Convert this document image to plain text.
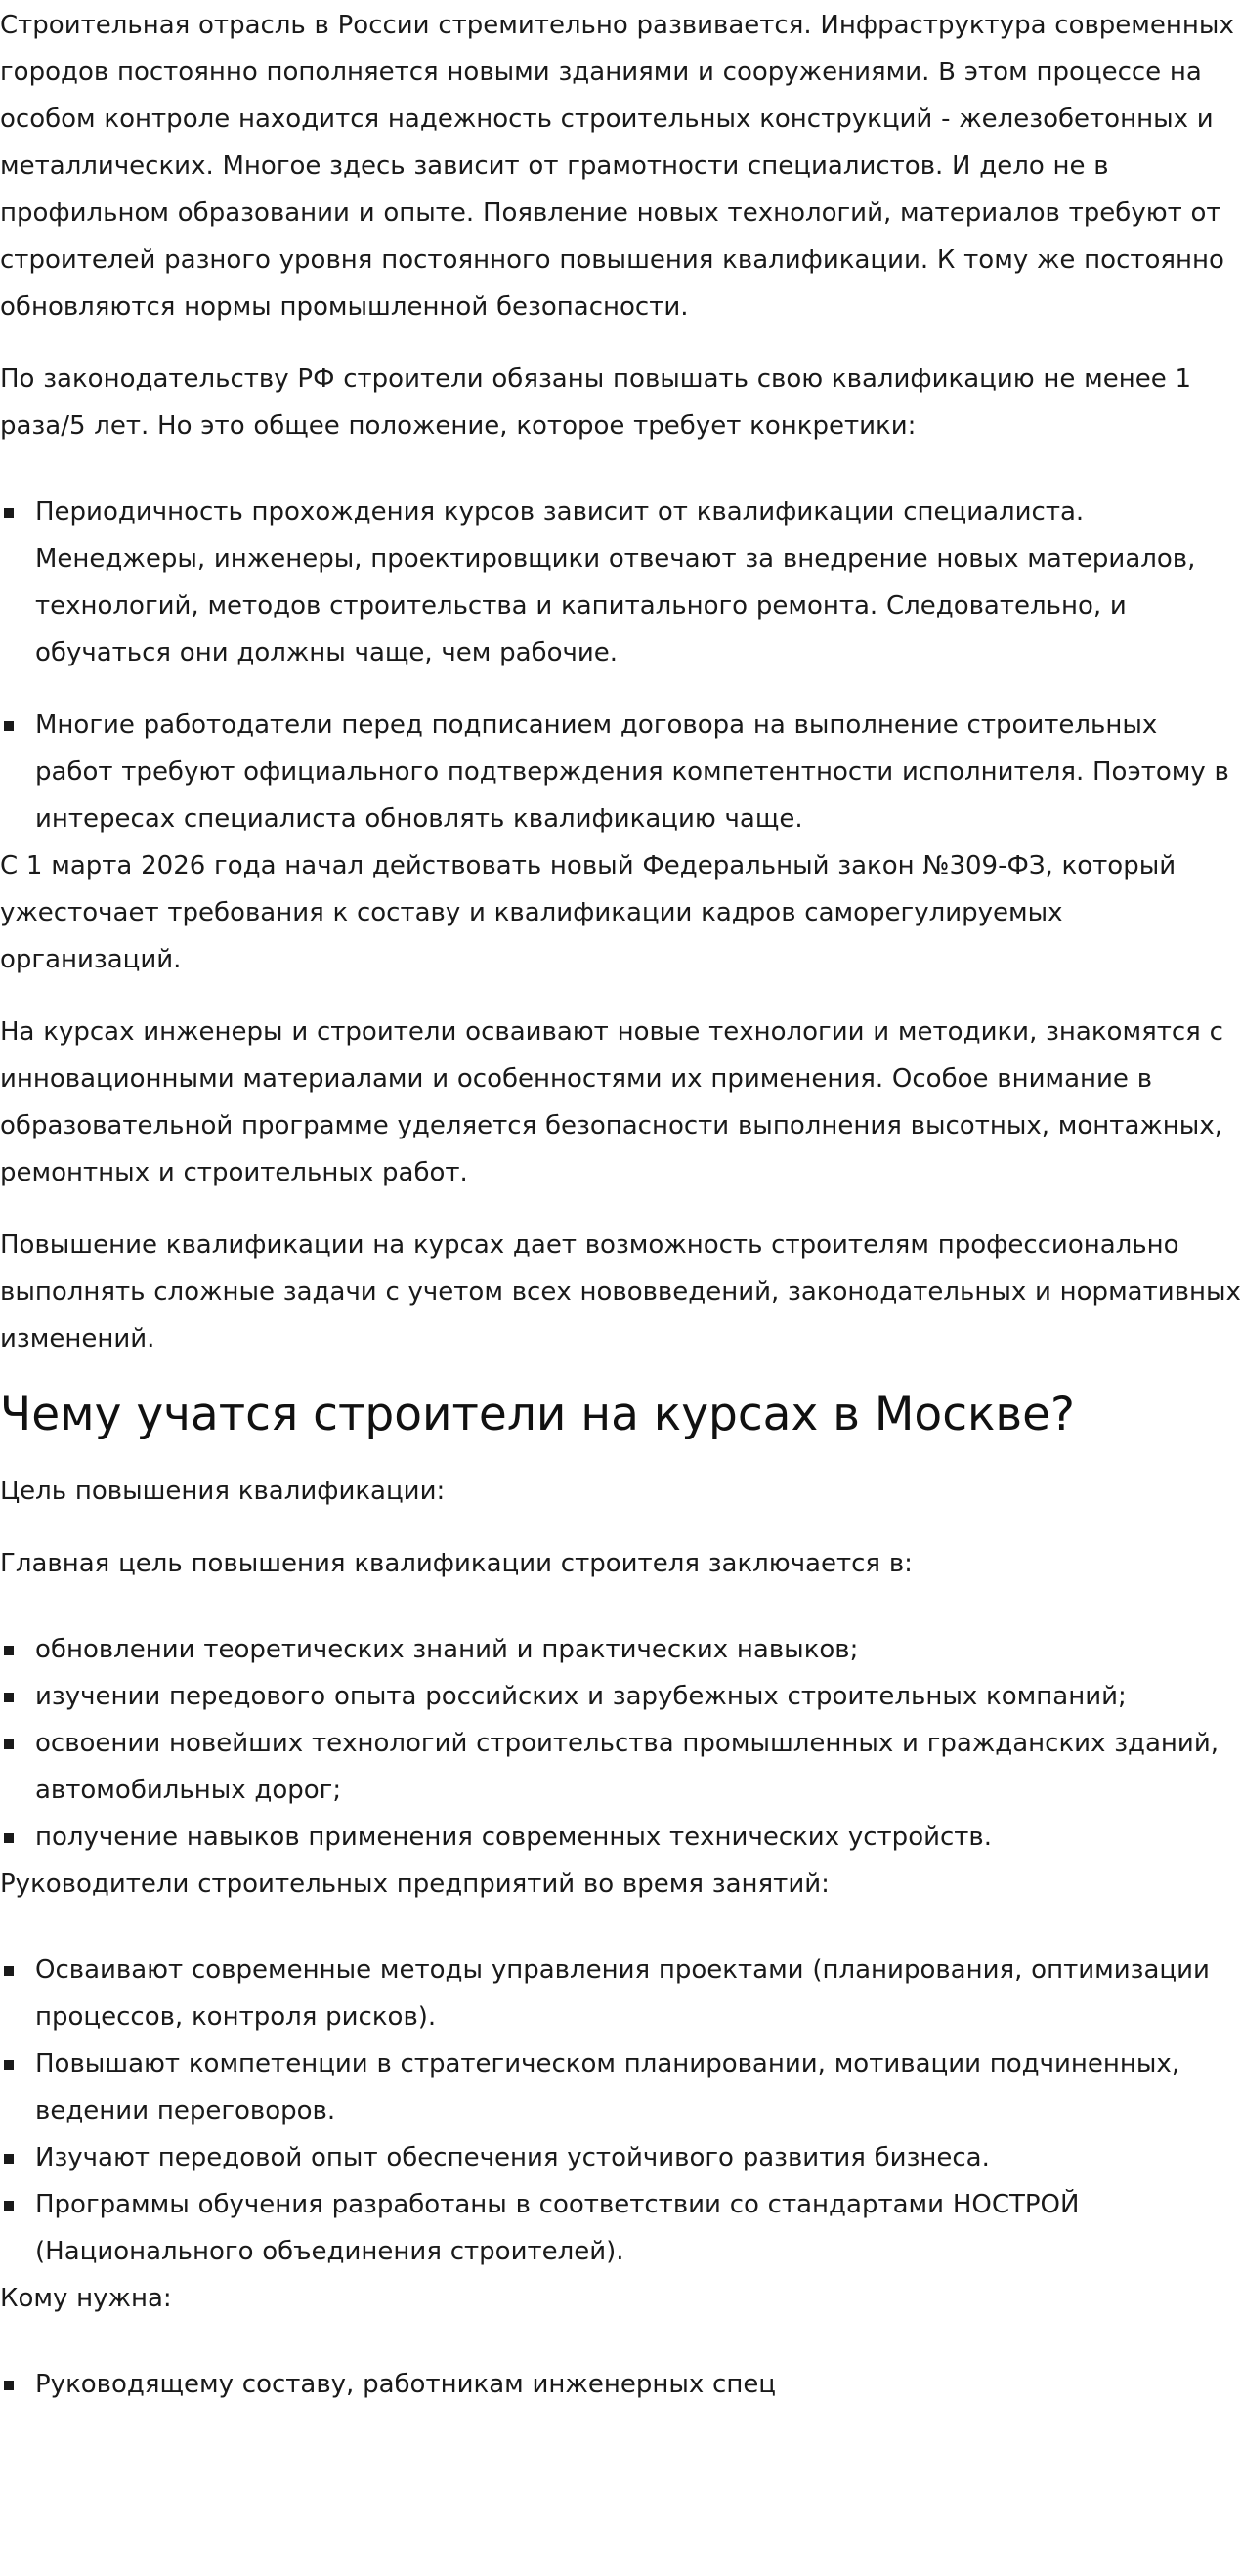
Строительная отрасль в России стремительно развивается. Инфраструктура современных городов постоянно пополняется новыми зданиями и сооружениями. В этом процессе на особом контроле находится надежность строительных конструкций - железобетонных и металлических. Многое здесь зависит от грамотности специалистов. И дело не в профильном образовании и опыте. Появление новых технологий, материалов требуют от строителей разного уровня постоянного повышения квалификации. К тому же постоянно обновляются нормы промышленной безопасности.

По законодательству РФ строители обязаны повышать свою квалификацию не менее 1 раза/5 лет. Но это общее положение, которое требует конкретики:

Периодичность прохождения курсов зависит от квалификации специалиста. Менеджеры, инженеры, проектировщики отвечают за внедрение новых материалов, технологий, методов строительства и капитального ремонта. Следовательно, и обучаться они должны чаще, чем рабочие.
Многие работодатели перед подписанием договора на выполнение строительных работ требуют официального подтверждения компетентности исполнителя. Поэтому в интересах специалиста обновлять квалификацию чаще.

С 1 марта 2026 года начал действовать новый Федеральный закон №309-ФЗ, который ужесточает требования к составу и квалификации кадров саморегулируемых организаций.

На курсах инженеры и строители осваивают новые технологии и методики, знакомятся с инновационными материалами и особенностями их применения. Особое внимание в образовательной программе уделяется безопасности выполнения высотных, монтажных, ремонтных и строительных работ.

Повышение квалификации на курсах дает возможность строителям профессионально выполнять сложные задачи с учетом всех нововведений, законодательных и нормативных изменений.

Чему учатся строители на курсах в Москве?

Цель повышения квалификации:

Главная цель повышения квалификации строителя заключается в:

обновлении теоретических знаний и практических навыков;
изучении передового опыта российских и зарубежных строительных компаний;
освоении новейших технологий строительства промышленных и гражданских зданий, автомобильных дорог;
получение навыков применения современных технических устройств.

Руководители строительных предприятий во время занятий:

Осваивают современные методы управления проектами (планирования, оптимизации процессов, контроля рисков).
Повышают компетенции в стратегическом планировании, мотивации подчиненных, ведении переговоров.
Изучают передовой опыт обеспечения устойчивого развития бизнеса.
Программы обучения разработаны в соответствии со стандартами НОСТРОЙ (Национального объединения строителей).

Кому нужна:

Руководящему составу, работникам инженерных спец
